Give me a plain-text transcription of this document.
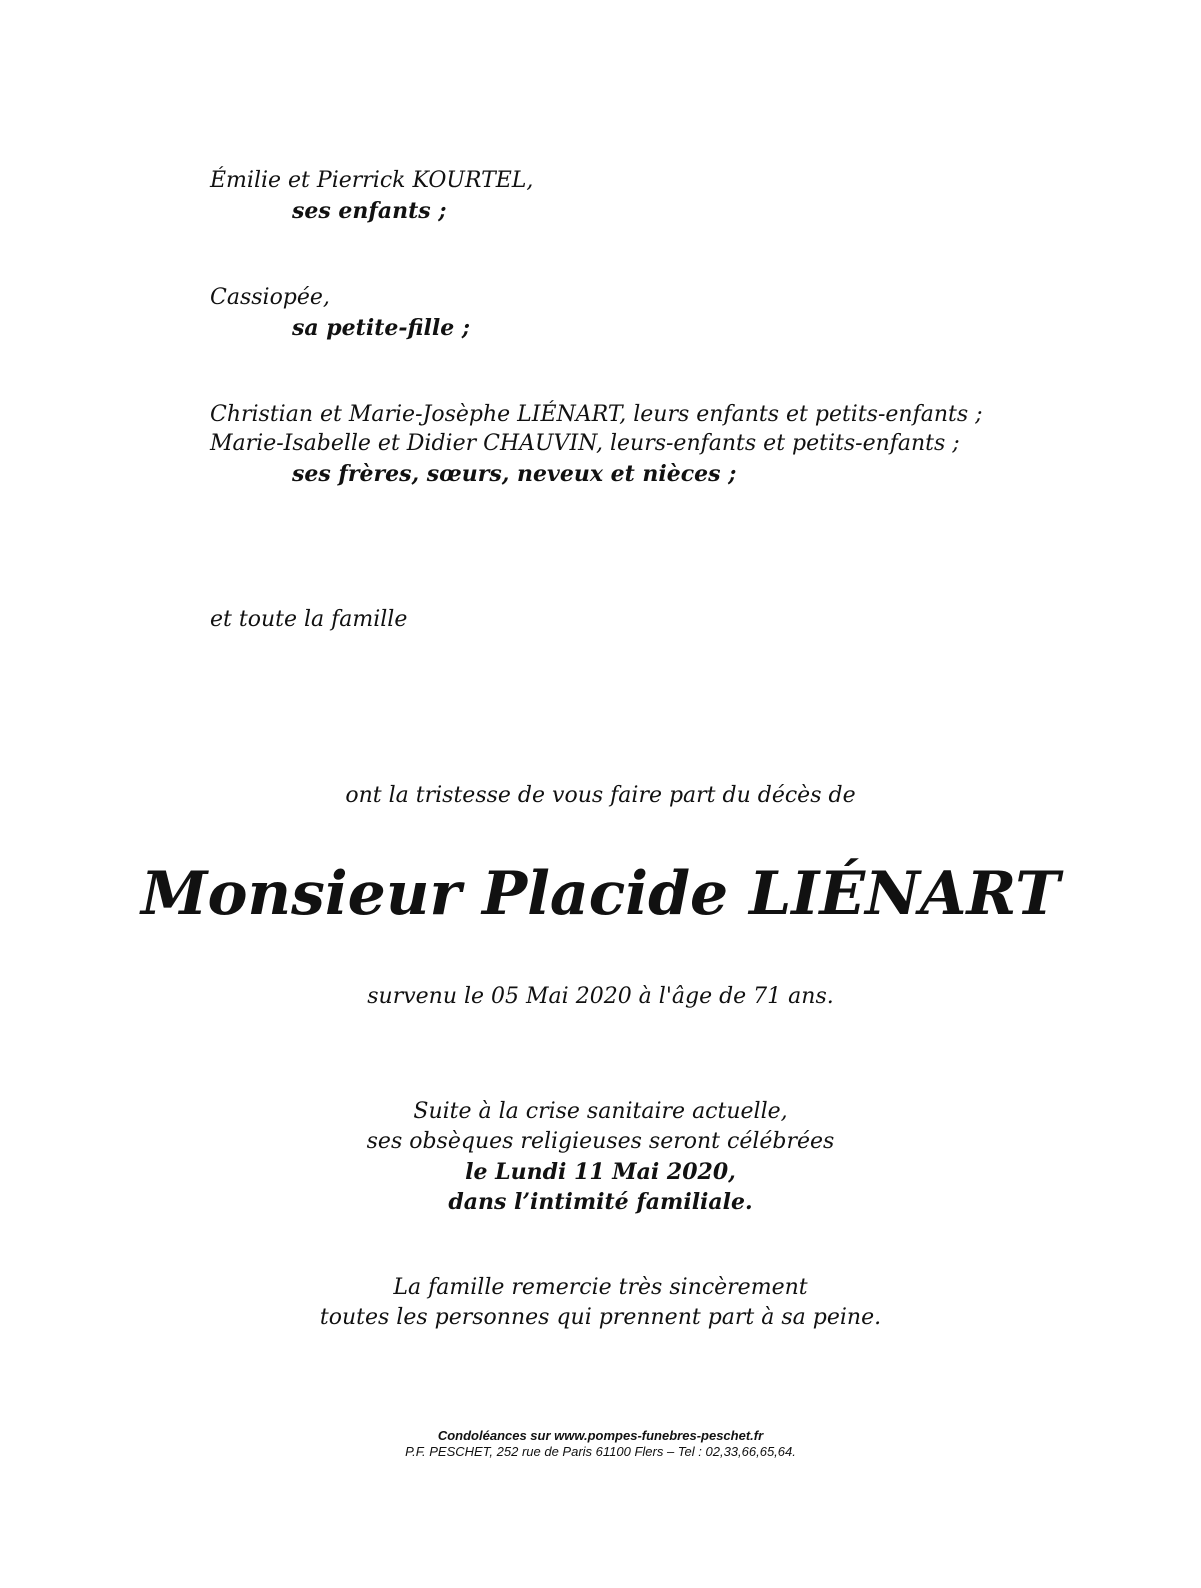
Émilie et Pierrick KOURTEL,

ses enfants ;

Cassiopée,

sa petite-fille ;

Christian et Marie-Josèphe LIÉNART, leurs enfants et petits-enfants ;

Marie-Isabelle et Didier CHAUVIN, leurs-enfants et petits-enfants ;

ses frères, sœurs, neveux et nièces ;

et toute la famille

ont la tristesse de vous faire part du décès de

Monsieur Placide LIÉNART

survenu le 05 Mai 2020 à l'âge de 71 ans.

Suite à la crise sanitaire actuelle,

ses obsèques religieuses seront célébrées

le Lundi 11 Mai 2020,

dans l’intimité familiale.

La famille remercie très sincèrement

toutes les personnes qui prennent part à sa peine.

Condoléances sur www.pompes-funebres-peschet.fr

P.F. PESCHET, 252 rue de Paris 61100 Flers – Tel : 02,33,66,65,64.
